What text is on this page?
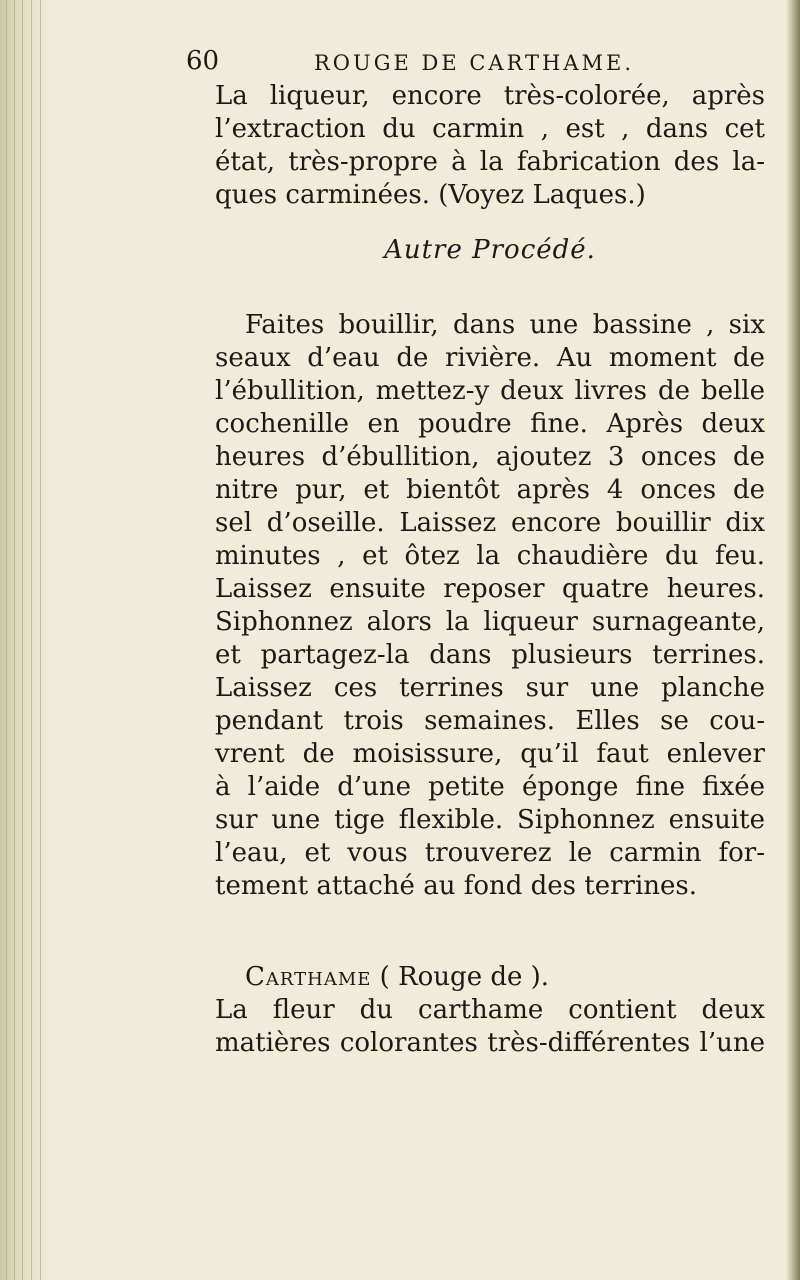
60	ROUGE DE CARTHAME.
La liqueur, encore très-colorée, après
l’extraction du carmin , est , dans cet
état, très-propre à la fabrication des la-
ques carminées. (Voyez Laques.)
Autre Procédé.
Faites bouillir, dans une bassine , six
seaux d’eau de rivière. Au moment de
l’ébullition, mettez-y deux livres de belle
cochenille en poudre fine. Après deux
heures d’ébullition, ajoutez 3 onces de
nitre pur, et bientôt après 4 onces de
sel d’oseille. Laissez encore bouillir dix
minutes , et ôtez la chaudière du feu.
Laissez ensuite reposer quatre heures.
Siphonnez alors la liqueur surnageante,
et partagez-la dans plusieurs terrines.
Laissez ces terrines sur une planche
pendant trois semaines. Elles se cou-
vrent de moisissure, qu’il faut enlever
à l’aide d’une petite éponge fine fixée
sur une tige flexible. Siphonnez ensuite
l’eau, et vous trouverez le carmin for-
tement attaché au fond des terrines.
Carthame ( Rouge de ).
La fleur du carthame contient deux
matières colorantes très-différentes l’une
